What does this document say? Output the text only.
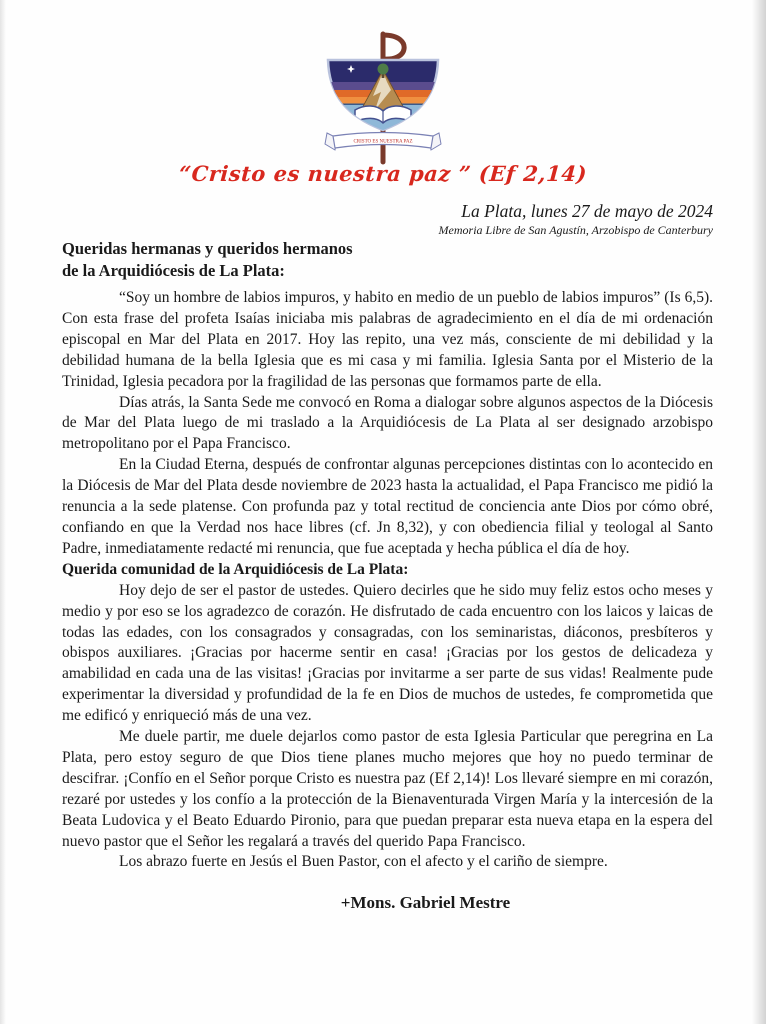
CRISTO ES NUESTRA PAZ
“Cristo es nuestra paz ” (Ef 2,14)
La Plata, lunes 27 de mayo de 2024
Memoria Libre de San Agustín, Arzobispo de Canterbury
Queridas hermanas y queridos hermanos
de la Arquidiócesis de La Plata:

“Soy un hombre de labios impuros, y habito en medio de un pueblo de labios impuros” (Is 6,5). Con esta frase del profeta Isaías iniciaba mis palabras de agradecimiento en el día de mi ordenación episcopal en Mar del Plata en 2017. Hoy las repito, una vez más, consciente de mi debilidad y la debilidad humana de la bella Iglesia que es mi casa y mi familia. Iglesia Santa por el Misterio de la Trinidad, Iglesia pecadora por la fragilidad de las personas que formamos parte de ella.

Días atrás, la Santa Sede me convocó en Roma a dialogar sobre algunos aspectos de la Diócesis de Mar del Plata luego de mi traslado a la Arquidiócesis de La Plata al ser designado arzobispo metropolitano por el Papa Francisco.

En la Ciudad Eterna, después de confrontar algunas percepciones distintas con lo acontecido en la Diócesis de Mar del Plata desde noviembre de 2023 hasta la actualidad, el Papa Francisco me pidió la renuncia a la sede platense. Con profunda paz y total rectitud de conciencia ante Dios por cómo obré, confiando en que la Verdad nos hace libres (cf. Jn 8,32), y con obediencia filial y teologal al Santo Padre, inmediatamente redacté mi renuncia, que fue aceptada y hecha pública el día de hoy.

Querida comunidad de la Arquidiócesis de La Plata:

Hoy dejo de ser el pastor de ustedes. Quiero decirles que he sido muy feliz estos ocho meses y medio y por eso se los agradezco de corazón. He disfrutado de cada encuentro con los laicos y laicas de todas las edades, con los consagrados y consagradas, con los seminaristas, diáconos, presbíteros y obispos auxiliares. ¡Gracias por hacerme sentir en casa! ¡Gracias por los gestos de delicadeza y amabilidad en cada una de las visitas! ¡Gracias por invitarme a ser parte de sus vidas! Realmente pude experimentar la diversidad y profundidad de la fe en Dios de muchos de ustedes, fe comprometida que me edificó y enriqueció más de una vez.

Me duele partir, me duele dejarlos como pastor de esta Iglesia Particular que peregrina en La Plata, pero estoy seguro de que Dios tiene planes mucho mejores que hoy no puedo terminar de descifrar. ¡Confío en el Señor porque Cristo es nuestra paz (Ef 2,14)! Los llevaré siempre en mi corazón, rezaré por ustedes y los confío a la protección de la Bienaventurada Virgen María y la intercesión de la Beata Ludovica y el Beato Eduardo Pironio, para que puedan preparar esta nueva etapa en la espera del nuevo pastor que el Señor les regalará a través del querido Papa Francisco.

Los abrazo fuerte en Jesús el Buen Pastor, con el afecto y el cariño de siempre.

+Mons. Gabriel Mestre
